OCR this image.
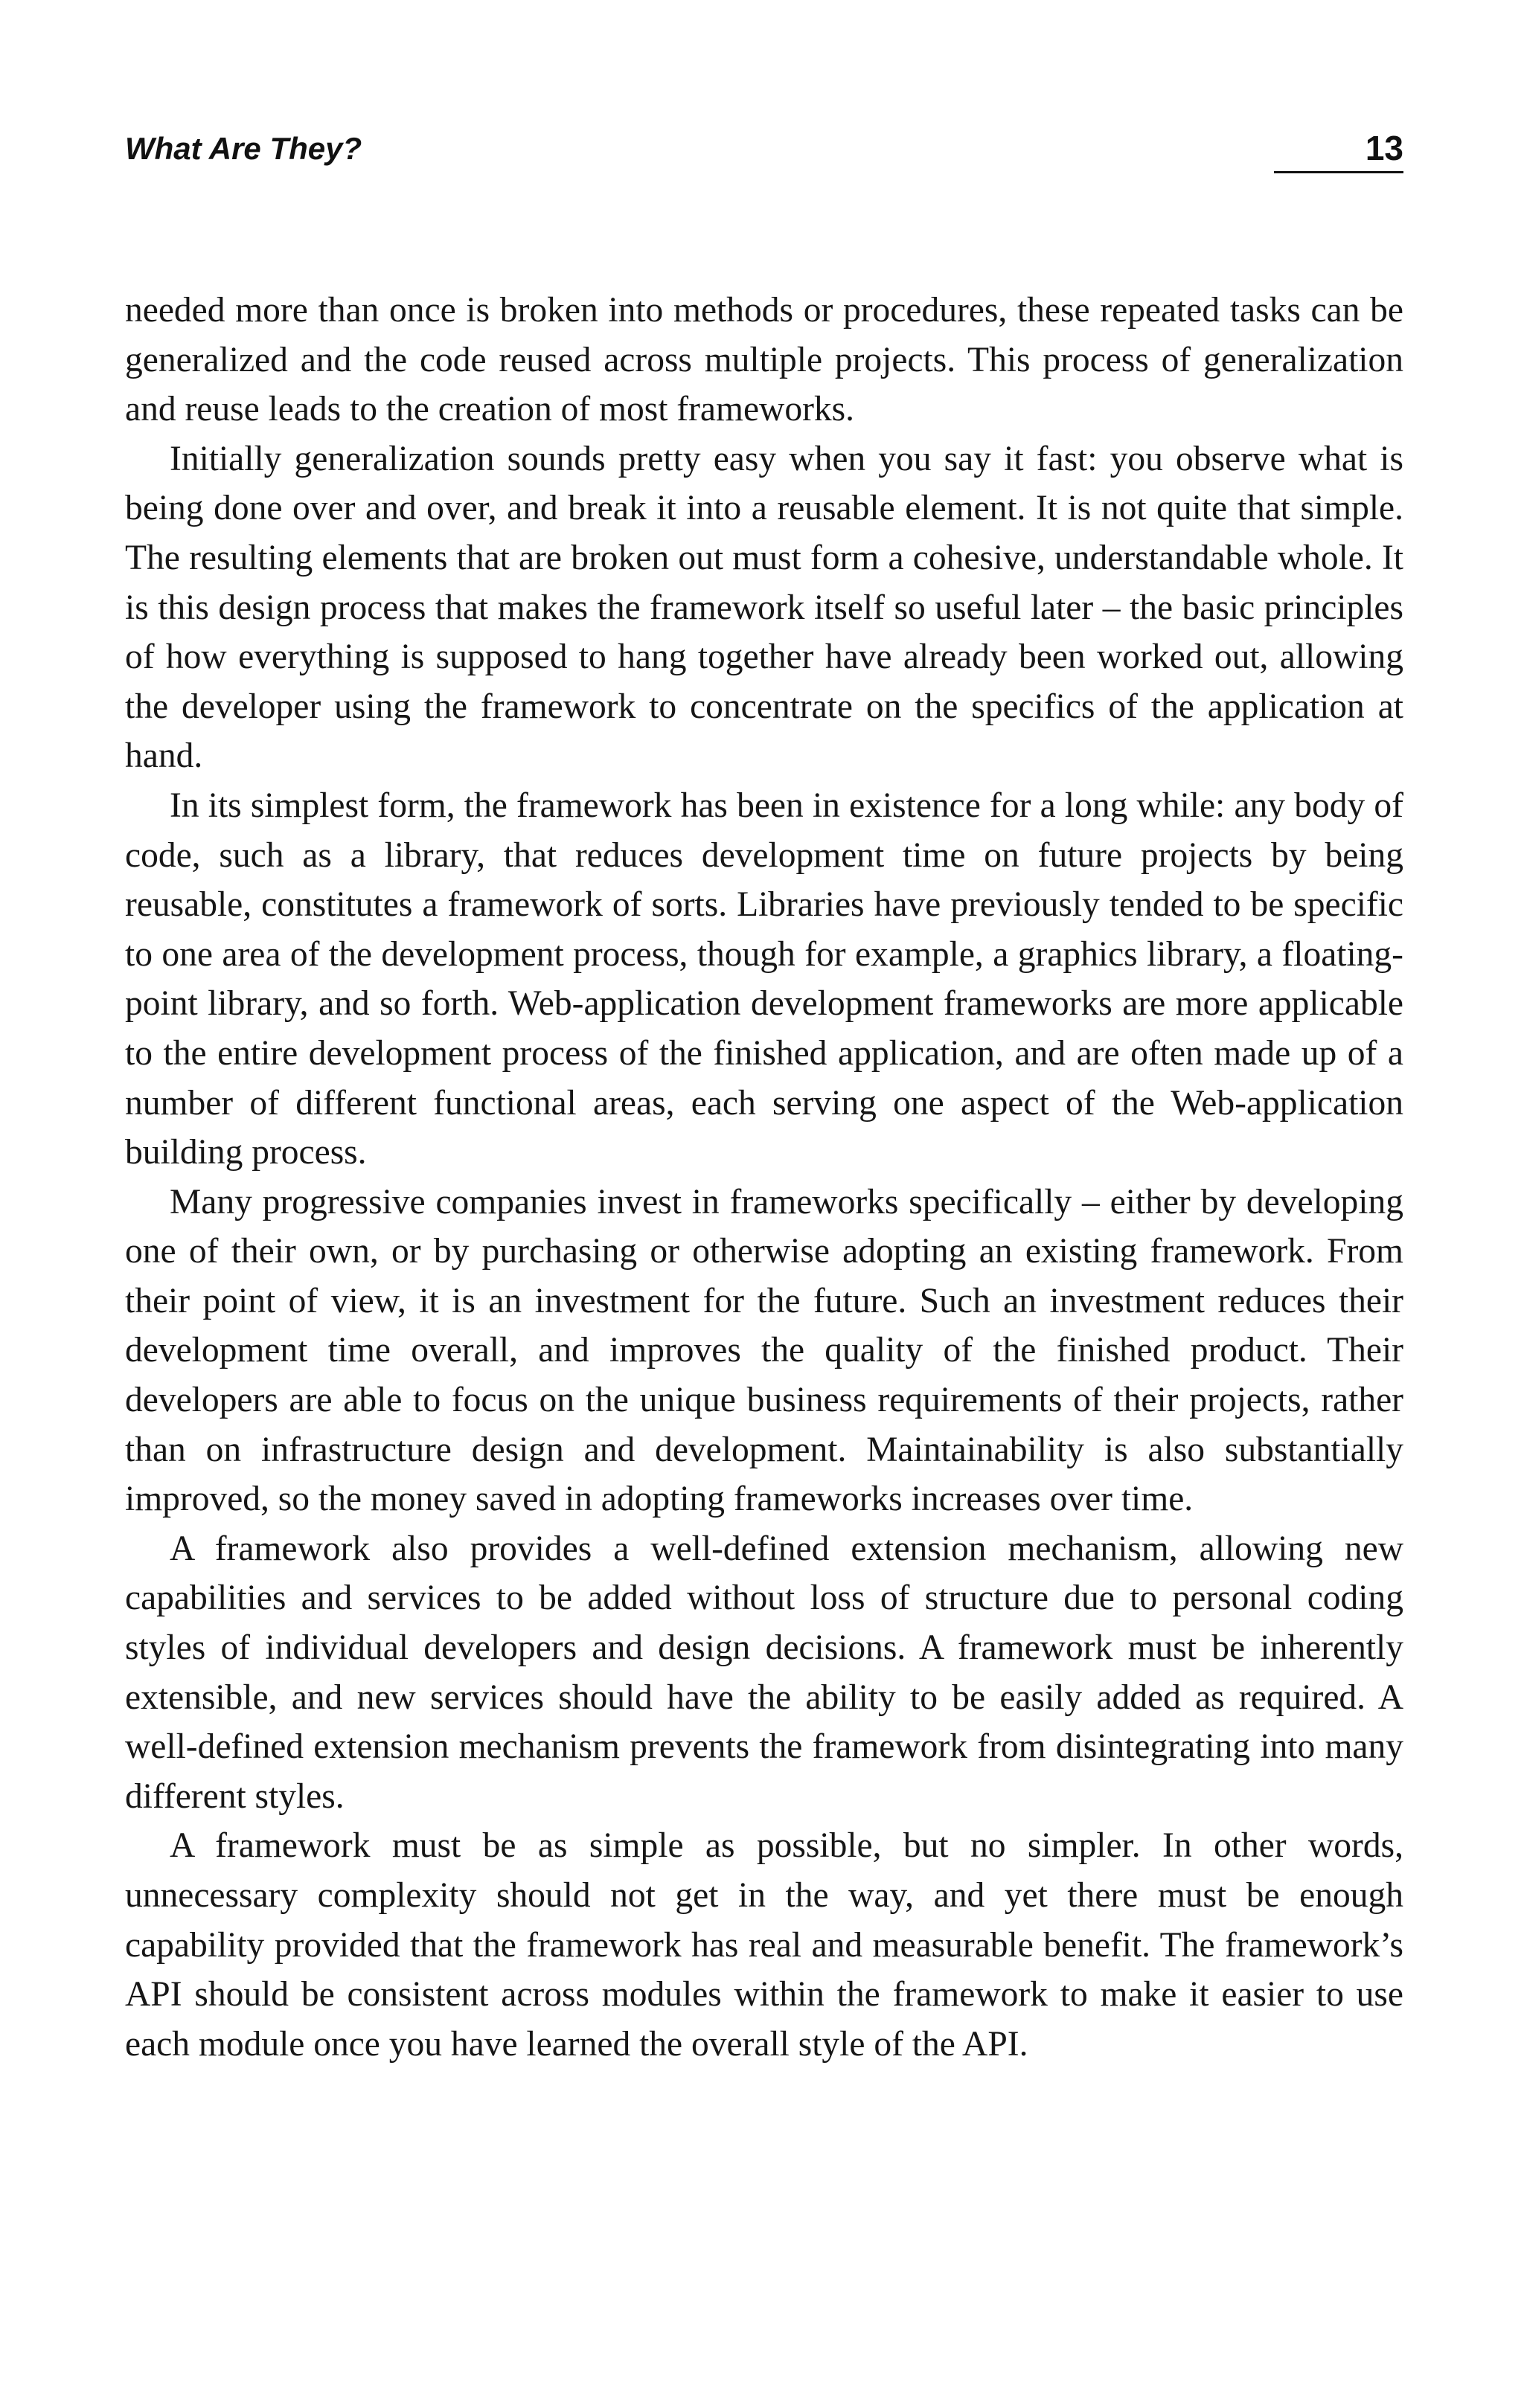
What Are They?	13

needed more than once is broken into methods or procedures, these repeated tasks can be generalized and the code reused across multiple projects. This process of generalization and reuse leads to the creation of most frameworks.

Initially generalization sounds pretty easy when you say it fast: you observe what is being done over and over, and break it into a reusable element. It is not quite that simple. The resulting elements that are broken out must form a cohesive, understandable whole. It is this design process that makes the framework itself so useful later – the basic principles of how everything is supposed to hang together have already been worked out, allowing the developer using the framework to concentrate on the specifics of the application at hand.

In its simplest form, the framework has been in existence for a long while: any body of code, such as a library, that reduces development time on future projects by being reusable, constitutes a framework of sorts. Libraries have previously tended to be specific to one area of the development process, though for example, a graphics library, a floating-point library, and so forth. Web-application development frameworks are more applicable to the entire development process of the finished application, and are often made up of a number of different functional areas, each serving one aspect of the Web-application building process.

Many progressive companies invest in frameworks specifically – either by developing one of their own, or by purchasing or otherwise adopting an existing framework. From their point of view, it is an investment for the future. Such an investment reduces their development time overall, and improves the quality of the finished product. Their developers are able to focus on the unique business requirements of their projects, rather than on infrastructure design and development. Maintainability is also substantially improved, so the money saved in adopting frameworks increases over time.

A framework also provides a well-defined extension mechanism, allowing new capabilities and services to be added without loss of structure due to personal coding styles of individual developers and design decisions. A framework must be inherently extensible, and new services should have the ability to be easily added as required. A well-defined extension mechanism prevents the framework from disintegrating into many different styles.

A framework must be as simple as possible, but no simpler. In other words, unnecessary complexity should not get in the way, and yet there must be enough capability provided that the framework has real and measurable benefit. The framework’s API should be consistent across modules within the framework to make it easier to use each module once you have learned the overall style of the API.
